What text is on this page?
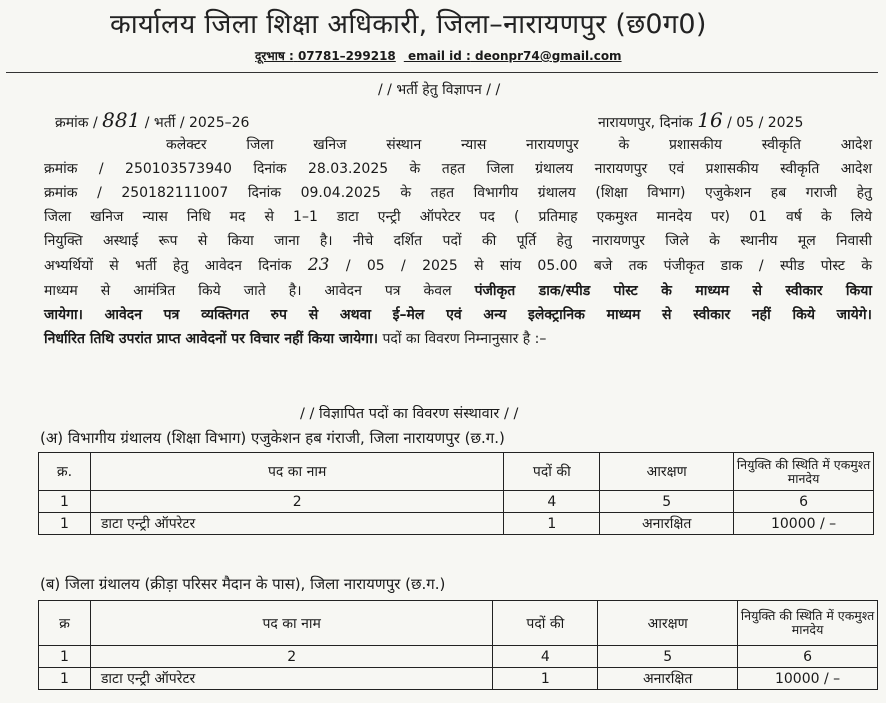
कार्यालय जिला शिक्षा अधिकारी, जिला–नारायणपुर (छ0ग0)
दूरभाष : 07781–299218 email id : deonpr74@gmail.com
/ / भर्ती हेतु विज्ञापन / /
क्रमांक / 881 / भर्ती / 2025–26	नारायणपुर, दिनांक 16 / 05 / 2025
कलेक्टर जिला खनिज संस्थान न्यास नारायणपुर के प्रशासकीय स्वीकृति आदेश
क्रमांक / 250103573940 दिनांक 28.03.2025 के तहत जिला ग्रंथालय नारायणपुर एवं प्रशासकीय स्वीकृति आदेश
क्रमांक / 250182111007 दिनांक 09.04.2025 के तहत विभागीय ग्रंथालय (शिक्षा विभाग) एजुकेशन हब गराजी हेतु
जिला खनिज न्यास निधि मद से 1–1 डाटा एन्ट्री ऑपरेटर पद ( प्रतिमाह एकमुश्त मानदेय पर) 01 वर्ष के लिये
नियुक्ति अस्थाई रूप से किया जाना है। नीचे दर्शित पदों की पूर्ति हेतु नारायणपुर जिले के स्थानीय मूल निवासी
अभ्यर्थियों से भर्ती हेतु आवेदन दिनांक 23 / 05 / 2025 से सांय 05.00 बजे तक पंजीकृत डाक / स्पीड पोस्ट के
माध्यम से आमंत्रित किये जाते है। आवेदन पत्र केवल पंजीकृत डाक/स्पीड पोस्ट के माध्यम से स्वीकार किया
जायेगा। आवेदन पत्र व्यक्तिगत रुप से अथवा ई–मेल एवं अन्य इलेक्ट्रानिक माध्यम से स्वीकार नहीं किये जायेगे।
निर्धारित तिथि उपरांत प्राप्त आवेदनों पर विचार नहीं किया जायेगा। पदों का विवरण निम्नानुसार है :–
/ / विज्ञापित पदों का विवरण संस्थावार / /
(अ) विभागीय ग्रंथालय (शिक्षा विभाग) एजुकेशन हब गंराजी, जिला नारायणपुर (छ.ग.)
क्र.	पद का नाम	पदों की	आरक्षण	नियुक्ति की स्थिति में एकमुश्त मानदेय
1	2	4	5	6
1	डाटा एन्ट्री ऑपरेटर	1	अनारक्षित	10000 / –
(ब) जिला ग्रंथालय (क्रीड़ा परिसर मैदान के पास), जिला नारायणपुर (छ.ग.)
क्र	पद का नाम	पदों की	आरक्षण	नियुक्ति की स्थिति में एकमुश्त मानदेय
1	2	4	5	6
1	डाटा एन्ट्री ऑपरेटर	1	अनारक्षित	10000 / –
